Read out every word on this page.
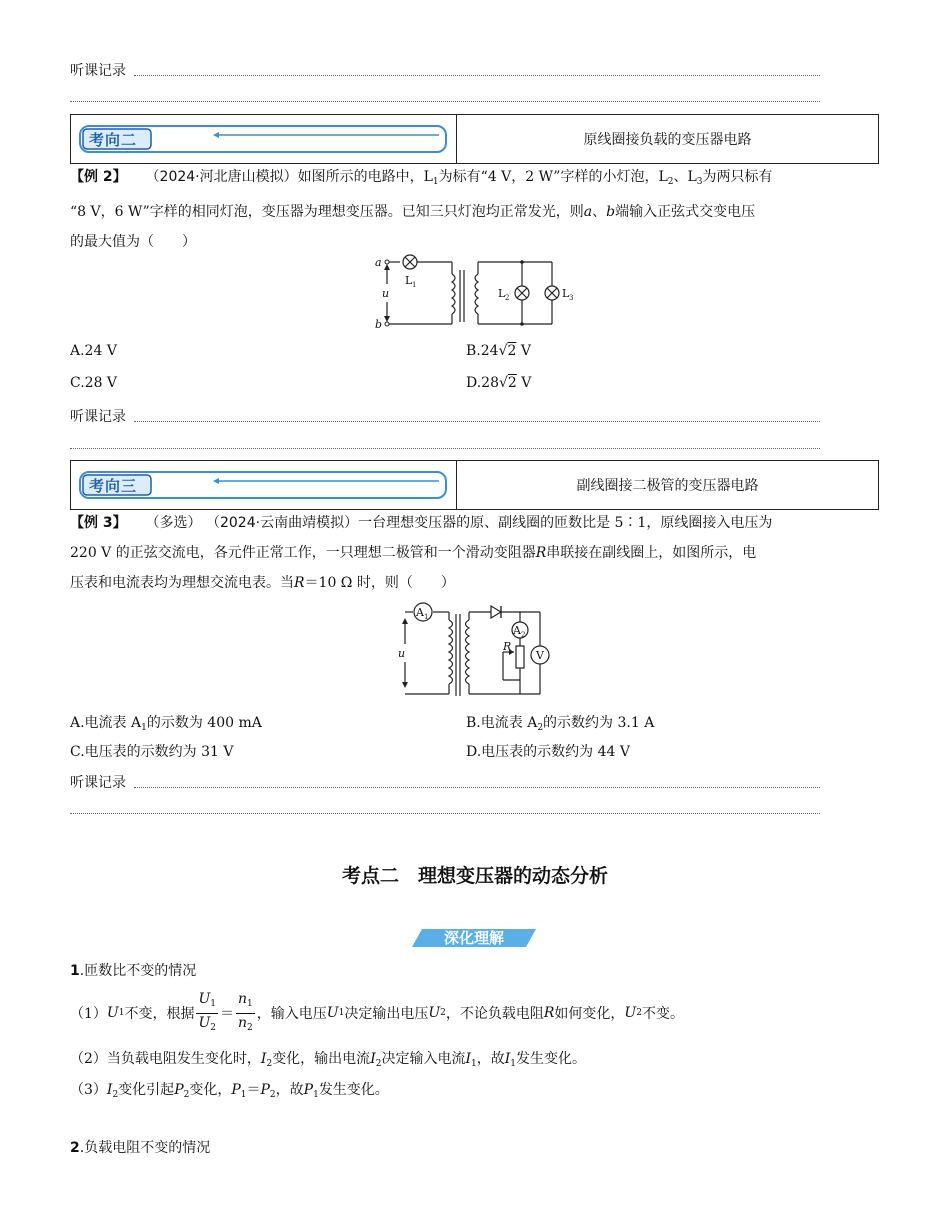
听课记录
考向二	原线圈接负载的变压器电路
【例 2】 （2024·河北唐山模拟）如图所示的电路中，$L_1$为标有“4 V，2 W”字样的小灯泡，$L_2$、$L_3$为两只标有
“8 V，6 W”字样的相同灯泡，变压器为理想变压器。已知三只灯泡均正常发光，则a、b端输入正弦式交变电压
的最大值为（　　）
a
b
u
L 1
L 2	L 3
A.24 V	B.24√2 V
C.28 V	D.28√2 V
听课记录
考向三	副线圈接二极管的变压器电路
【例 3】 （多选） （2024·云南曲靖模拟）一台理想变压器的原、副线圈的匝数比是 5∶1，原线圈接入电压为
220 V 的正弦交流电，各元件正常工作，一只理想二极管和一个滑动变阻器R串联接在副线圈上，如图所示，电
压表和电流表均为理想交流电表。当R＝10 Ω 时，则（　　）
A 1
A 2
V
R
u
A.电流表 $A_1$的示数为 400 mA	B.电流表 $A_2$的示数约为 3.1 A
C.电压表的示数约为 31 V	D.电压表的示数约为 44 V
听课记录
考点二　理想变压器的动态分析
深化理解
1.匝数比不变的情况
（1） U 1 不变，根据 $\frac{U_1}{U_2} = \frac{n_1}{n_2}$ ，输入电压 U 1 决定输出电压 U 2 ，不论负载电阻 R 如何变化， U 2 不变。
（2）当负载电阻发生变化时，$I_2$变化，输出电流$I_2$决定输入电流$I_1$，故$I_1$发生变化。
$(3)I_2$变化引起$P_2$变化，$P_1=P_2$，故$P_1$发生变化。
2.负载电阻不变的情况
